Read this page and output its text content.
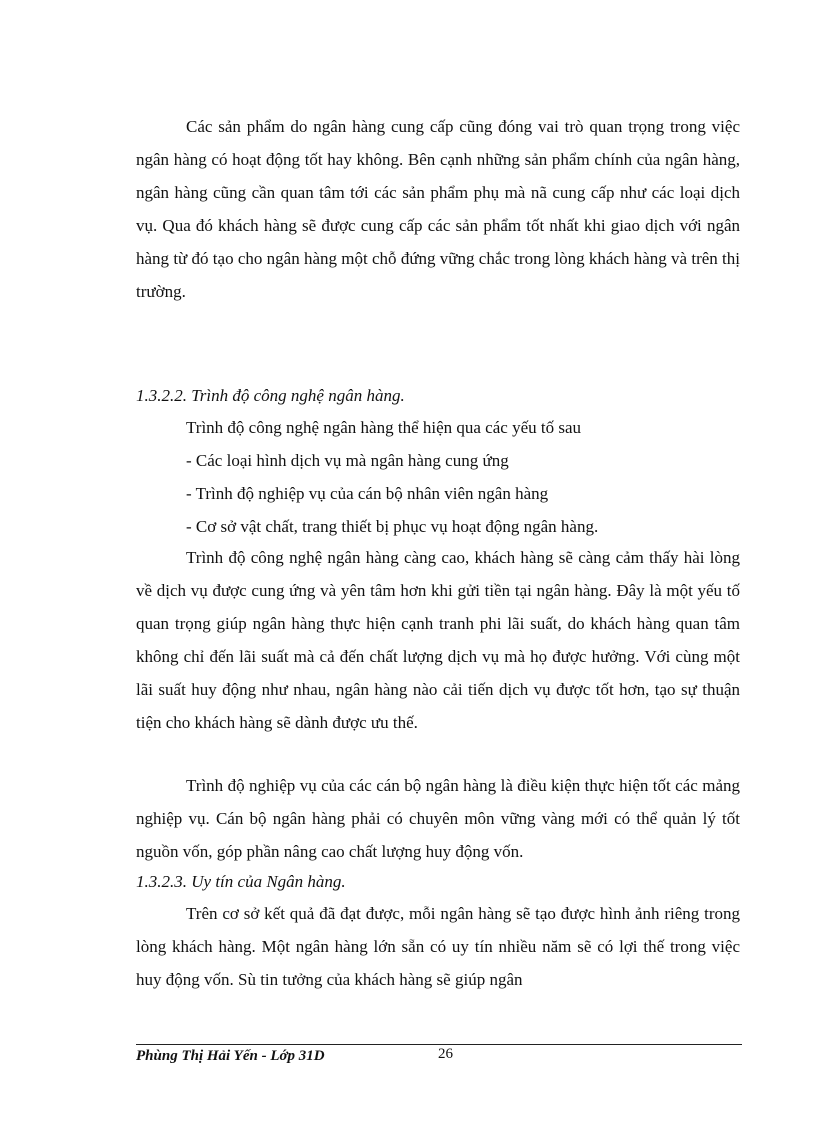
Các sản phẩm do ngân hàng cung cấp cũng đóng vai trò quan trọng trong việc ngân hàng có hoạt động tốt hay không. Bên cạnh những sản phẩm chính của ngân hàng, ngân hàng cũng cần quan tâm tới các sản phẩm phụ mà nã cung cấp như các loại dịch vụ. Qua đó khách hàng sẽ được cung cấp các sản phẩm tốt nhất khi giao dịch với ngân hàng từ đó tạo cho ngân hàng một chỗ đứng vững chắc trong lòng khách hàng và trên thị trường.

1.3.2.2. Trình độ công nghệ ngân hàng.

Trình độ công nghệ ngân hàng thể hiện qua các yếu tố sau

- Các loại hình dịch vụ mà ngân hàng cung ứng

- Trình độ nghiệp vụ của cán bộ nhân viên ngân hàng

- Cơ sở vật chất, trang thiết bị phục vụ hoạt động ngân hàng.

Trình độ công nghệ ngân hàng càng cao, khách hàng sẽ càng cảm thấy hài lòng về dịch vụ được cung ứng và yên tâm hơn khi gửi tiền tại ngân hàng. Đây là một yếu tố quan trọng giúp ngân hàng thực hiện cạnh tranh phi lãi suất, do khách hàng quan tâm không chỉ đến lãi suất mà cả đến chất lượng dịch vụ mà họ được hưởng. Với cùng một lãi suất huy động như nhau, ngân hàng nào cải tiến dịch vụ được tốt hơn, tạo sự thuận tiện cho khách hàng sẽ dành được ưu thế.

Trình độ nghiệp vụ của các cán bộ ngân hàng là điều kiện thực hiện tốt các mảng nghiệp vụ. Cán bộ ngân hàng phải có chuyên môn vững vàng mới có thể quản lý tốt nguồn vốn, góp phần nâng cao chất lượng huy động vốn.

1.3.2.3. Uy tín của Ngân hàng.

Trên cơ sở kết quả đã đạt được, mỗi ngân hàng sẽ tạo được hình ảnh riêng trong lòng khách hàng. Một ngân hàng lớn sẵn có uy tín nhiều năm sẽ có lợi thế trong việc huy động vốn. Sù tin tưởng của khách hàng sẽ giúp ngân

Phùng Thị Hải Yến - Lớp 31D	26
